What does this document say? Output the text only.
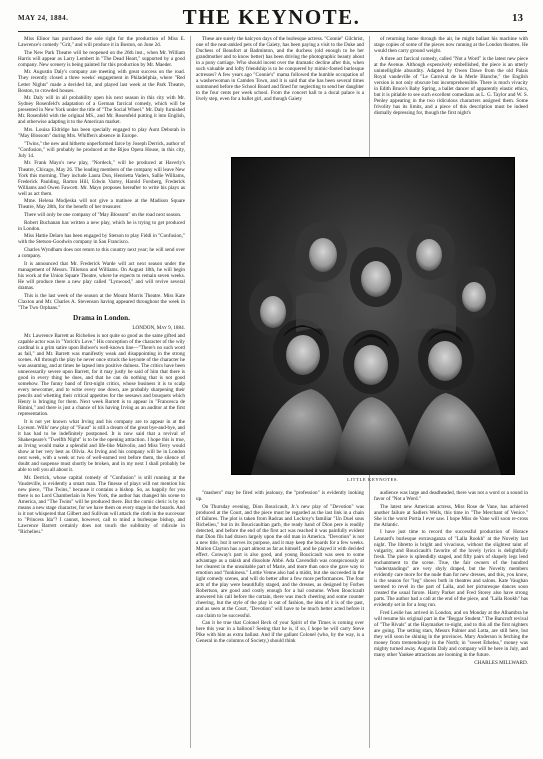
MAY 24, 1884.	THE KEYNOTE.	13

Miss Elinor has purchased the sole right for the production of Miss E. Lawrence's comedy "Grit," and will produce it in Boston, on June 2d.

The New Park Theatre will be reopened on the 26th inst., when Mr. William Harris will appear as Larry Lembert in "The Dead Heart," supported by a good company. New scenery is being painted for this production by Mr. Maeder.

Mr. Augustin Daly's company are meeting with great success on the road. They recently closed a three weeks' engagement in Philadelphia, where "Red Letter Nights" made a decided hit, and played last week at the Park Theatre, Boston, to crowded houses.

Mr. Daly will in all probability open his next season in this city with Mr. Sydney Rosenfeld's adaptation of a German farcical comedy, which will be presented in New York under the title of "The Social Wheel." Mr. Daly furnished Mr. Rosenfeld with the original MS., and Mr. Rosenfeld putting it into English, and otherwise adapting it to the American market.

Mrs. Louisa Eldridge has been specially engaged to play Aunt Deborah in "May Blossom" during Mrs. Whiffen's absence in Europe.

"Twins," the new and hitherto unperformed farce by Joseph Derrick, author of "Confusion," will probably be produced at the Bijou Opera House, in this city, July 14.

Mr. Frank Mayo's new play, "Nordeck," will be produced at Haverly's Theatre, Chicago, May 26. The leading members of the company will leave New York this morning. They include Laura Don, Henrietta Vaders, Sallie Williams, Frederick Paulding, Barton Hill, Edwin Varrey, Harold Forsberg, Frederick Williams and Owen Fawcett. Mr. Mayo proposes hereafter to write his plays as well as act them.

Mme. Helena Modjeska will not give a matinee at the Madison Square Theatre, May 28th, for the benefit of her treasurer.

There will only be one company of "May Blossom" on the road next season.

Robert Buchanan has written a new play, which he is trying to get produced in London.

Miss Hattie Delaro has been engaged by Stetson to play Fiddi in "Confusion," with the Stetson-Goodwin company in San Francisco.

Charles Wyndham does not return to this country next year; he will send over a company.

It is announced that Mr. Frederick Warde will act next season under the management of Messrs. Tillotson and Williams. On August 18th, he will begin his work at the Union Square Theatre, where he expects to remain seven weeks. He will produce there a new play called "Lynwood," and will revive several dramas.

This is the last week of the season at the Mount Morris Theatre. Miss Kate Claxton and Mr. Charles A. Stevenson having appeared throughout the week in "The Two Orphans."

Drama in London.

LONDON, May 9, 1884.

Mr. Lawrence Barrett as Richelieu is not quite so good as the same gifted and capable actor was in "Yorick's Love." His conception of the character of the wily cardinal is a grim satire upon Bulwer's well-known line—"There's no such word as fail," and Mr. Barrett was manifestly weak and disappointing in the strong scenes. All through the play he never once struck the keynote of the character he was assuming, and at times he lapsed into positive dulness. The critics have been unnecessarily severe upon Barrett, for it may justly be said of him that there is good in every thing he does, and that he can do nothing that is not good somehow. The funny band of first-night critics, whose business it is to scalp every newcomer, and to write every one down, are probably sharpening their pencils and whetting their critical appetites for the seesaws and bouquets which Henry is bringing for them. Next week Barrett is to appear in "Francesca de Rimini," and there is just a chance of his having Irving as an auditor at the first representation.

It is not yet known what Irving and his company are to appear in at the Lyceum. Wills' new play of "Faust" is still a dream of the great bye-and-bye, and it has had to be indefinitely postponed. It is now said that a revival of Shakespeare's "Twelfth Night" is to be the opening attraction. I hope this is true, as Irving would make a splendid and life-like Malvolio, and Miss Terry would show at her very best as Olivia. As Irving and his company will be in London next week, with a week or two of well-earned rest before them, the silence of doubt and suspense must shortly be broken, and in my next I shall probably be able to tell you all about it.

Mr. Derrick, whose capital comedy of "Confusion" is still running at the Vaudeville, is evidently a smart man. The finesse of plays will not mention his new piece, "The Twins," because it contains a bishop. So, as happily for you there is no Lord Chamberlain in New York, the author has changed his scene to America, and "The Twins" will be produced there. But the comic cleric is by no means a new stage character, for we have them on every stage in the boards. And is it not whispered that Gilbert and Sullivan will attack the cloth in the successor to "Princess Ida"? I cannot, however, call to mind a burlesque bishop, and Lawrence Barrett certainly does not touch the sublimity of ridicule in "Richelieu."

These are surely the halcyon days of the burlesque actress. "Connie" Gilchrist, one of the neat-ankled pets of the Gaiety, has been paying a visit to the Duke and Duchess of Beaufort at Badminton, and the duchess (old enough to be her grandmother and to know better) has been driving the photographic beauty about in a pony carriage. Who should incent over the dramatic decline after this, when such valuable and lofty friendship is to be conquered by mimic-footed burlesque actresses? A few years ago "Connie's" mama followed the humble occupation of a washerwoman in Camden Town, and it is said that she has been several times summoned before the School Board and fined for neglecting to send her daughter to the four cents per week school. From the concert hall to a ducal palace is a lively step, even for a ballet girl, and though Gaiety

of returning home through the air, he might ballast his machine with stage copies of some of the pieces now running at the London theatres. He would then carry ground weight.

A three act farcical comedy, called "Not a Word" is the latest new piece at the Avenue. Although expensively embellished, the piece is an utterly unintelligible absurdity. Adapted by Owen Dawe from the old Palais Royal vaudeville of "Le Carnival de la Merle Blanche," the English version is not only obscure but incomprehensible. There is much vivacity in Edith Bruce's Baby Spring, a ballet dancer of apparently elastic ethics, but it is pitiable to see such excellent comedians as L. G. Taylor and W. S. Penley appearing in the two ridiculous characters assigned them. Some frivolity has its limits, and a piece of this description must be indeed dismally depressing for, though the first night's

LITTLE KEYNOTES.

"mashers" may be fired with jealousy, the "profession" is evidently looking up.

On Thursday evening, Dion Boucicault, Jr.'s new play of "Devotion" was produced at the Court, and the piece must be regarded as the last link in a chain of failures. The plot is taken from Radcas and Lockroy's familiar "Un Duel sous Richelieu," but in its Boucicaultian garb, the ready hand of Dion pere is readily detected, and before the end of the first act was reached it was painfully evident that Dion fils had drawn largely upon the old man in America. "Devotion" is not a new title, but it serves its purpose, and it may keep the boards for a few weeks. Marion Clayton has a part almost as fat as himself, and he played it with decided effect. Conway's part is also good, and young Boucicault was seen to some advantage as a rakish and dissolute Abbé. Ada Cavendish was conspicuously at her clearest in the unsuitable part of Marie, and more than once she gave way to emotion and "funkiness." Lottie Venne also had a midst, but she succeeded in the light comedy scenes, and will do better after a few more performances. The four acts of the play were beautifully staged, and the dresses, as designed by Forbes Robertson, are good and costly enough for a bal costume. When Boucicault answered his call before the curtain, there was much cheering and some counter cheering, but the style of the play is out of fashion, the idea of it is of the past, and as seen at the Court, "Devotion" will have to be much better acted before it can claim to be successful.

Can it be true that Colonel Beck of your Spirit of the Times is coming over here this year in a balloon? Seeing that he is, if so, I hope he will carry Steve Pike with him as extra ballast. And if the gallant Colonel (who, by the way, is a General in the columns of Society,) should think

audience was large and deadheaded, there was not a word or a sound in favor of "Not a Word."

The latest new American actress, Miss Rose de Vane, has achieved another failure at Sadlers Wells, this time in "The Merchant of Venice." She is the worst Portia I ever saw. I hope Miss de Vane will soon re-cross the Atlantic.

I have just time to record the successful production of Horace Lennard's burlesque extravaganza of "Lalla Rookh" at the Novelty last night. The libretto is bright and vivacious, without the slightest taint of vulgarity, and Boucicault's favorite of the lovely lyrics is delightfully fresh. The piece is splendidly staged, and fifty pairs of shapely legs lend enchantment to the scene. True, the fair owners of the hundred "understandings" are very shyly draped, but the Novelty members evidently care more for the nude than for new dresses, and this, you know, is the season for "leg" shows both in theatres and salons. Kate Vaughan seemed to revel in the part of Lalla, and her picturesque dances soon created the usual furore. Harry Parker and Fred Storey also have strong parts. The author had a call at the end of the piece, and "Lalla Rookh" has evidently set in for a long run.

Fred Leslie has arrived in London, and on Monday at the Alhambra he will resume his original part in the "Beggar Student." The Bancroft revival of "The Rivals" at the Haymarket to-night, and to this all the first nighters are going. The setting stars, Messrs Palmer and Lotta, are still here, but they will soon be shining in the provinces. Mary Anderson is fetching the money from tremendously in the North; in "sweet Ethelea," money was mighty turned away. Augustin Daly and company will be here in July, and many other Yankee attractions are looming in the future.

CHARLES MILLWARD.
